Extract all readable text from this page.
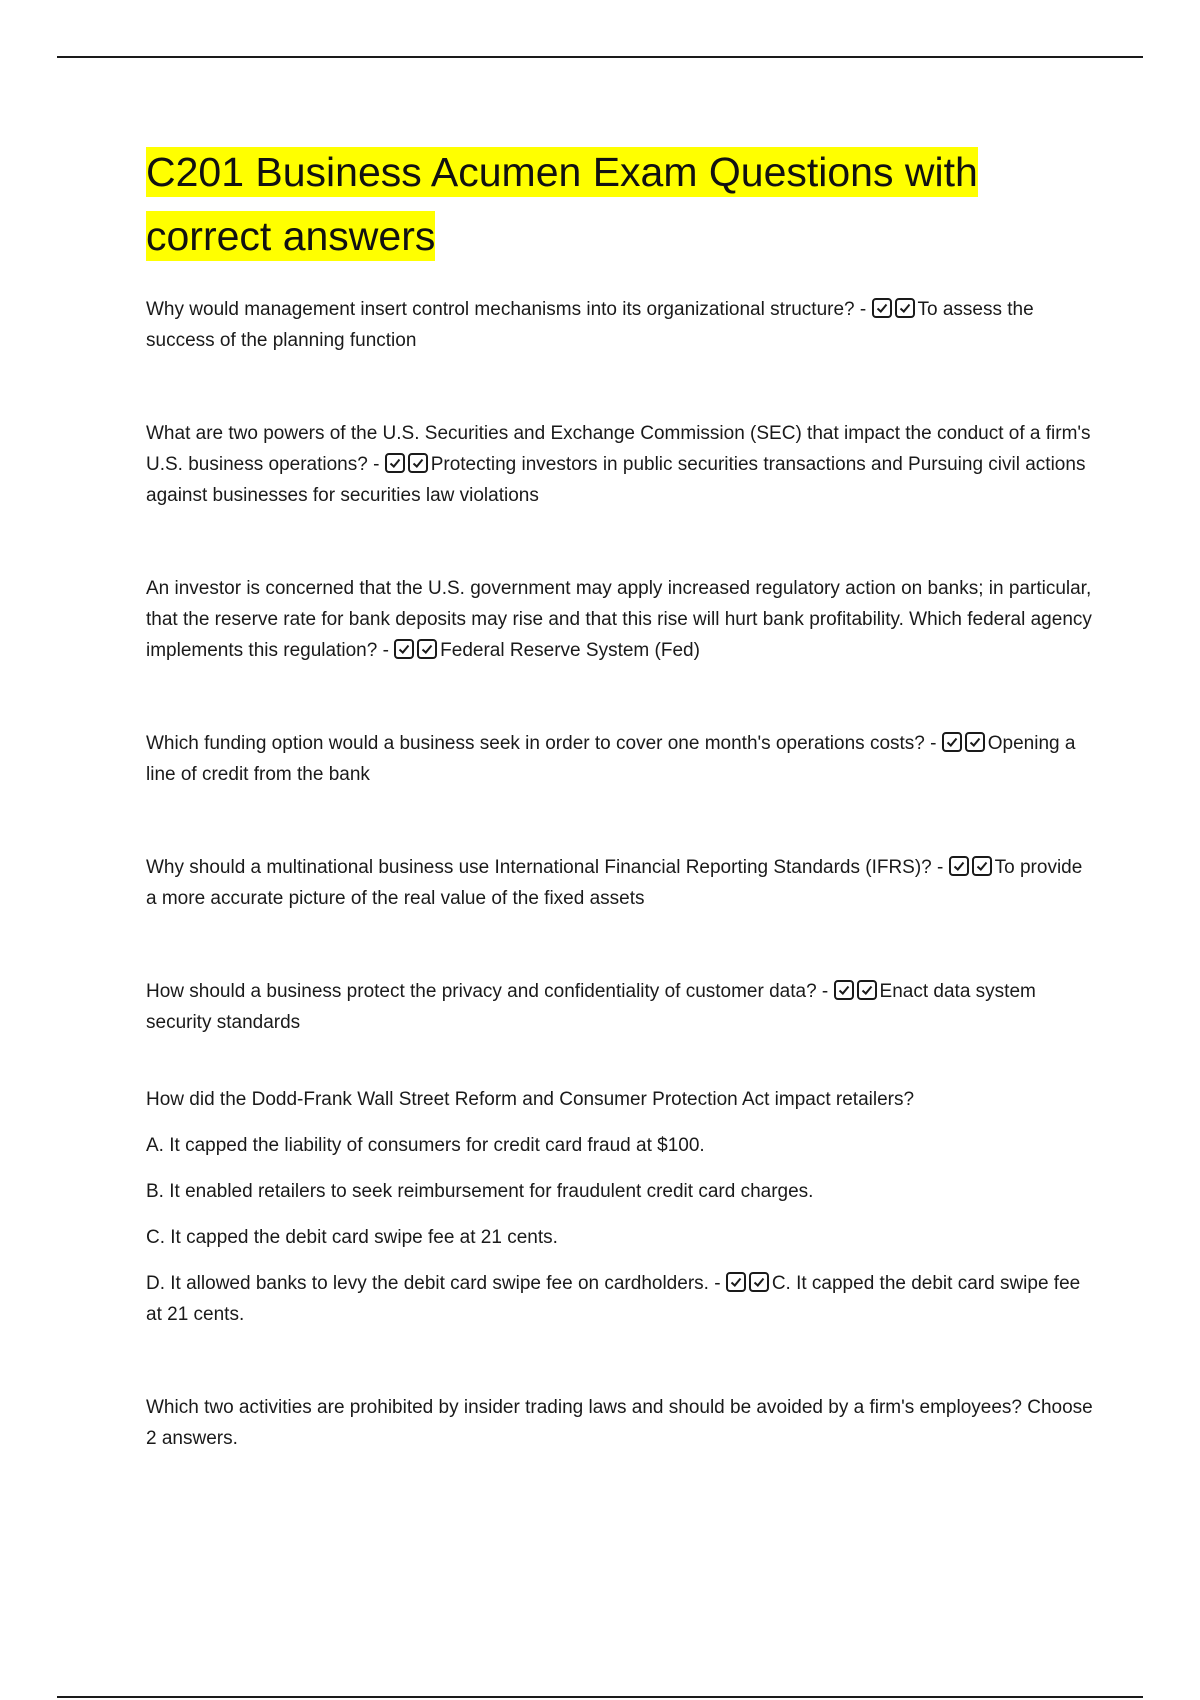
C201 Business Acumen Exam Questions with correct answers

Why would management insert control mechanisms into its organizational structure? -
To assess the success of the planning function

What are two powers of the U.S. Securities and Exchange Commission (SEC) that impact the conduct of a firm's U.S. business operations? -
Protecting investors in public securities transactions and Pursuing civil actions against businesses for securities law violations

An investor is concerned that the U.S. government may apply increased regulatory action on banks; in particular, that the reserve rate for bank deposits may rise and that this rise will hurt bank profitability. Which federal agency implements this regulation? -
Federal Reserve System (Fed)

Which funding option would a business seek in order to cover one month's operations costs? -
Opening a line of credit from the bank

Why should a multinational business use International Financial Reporting Standards (IFRS)? -
To provide a more accurate picture of the real value of the fixed assets

How should a business protect the privacy and confidentiality of customer data? -
Enact data system security standards

How did the Dodd-Frank Wall Street Reform and Consumer Protection Act impact retailers?

A. It capped the liability of consumers for credit card fraud at $100.

B. It enabled retailers to seek reimbursement for fraudulent credit card charges.

C. It capped the debit card swipe fee at 21 cents.

D. It allowed banks to levy the debit card swipe fee on cardholders. -
C. It capped the debit card swipe fee at 21 cents.

Which two activities are prohibited by insider trading laws and should be avoided by a firm's employees? Choose 2 answers.
